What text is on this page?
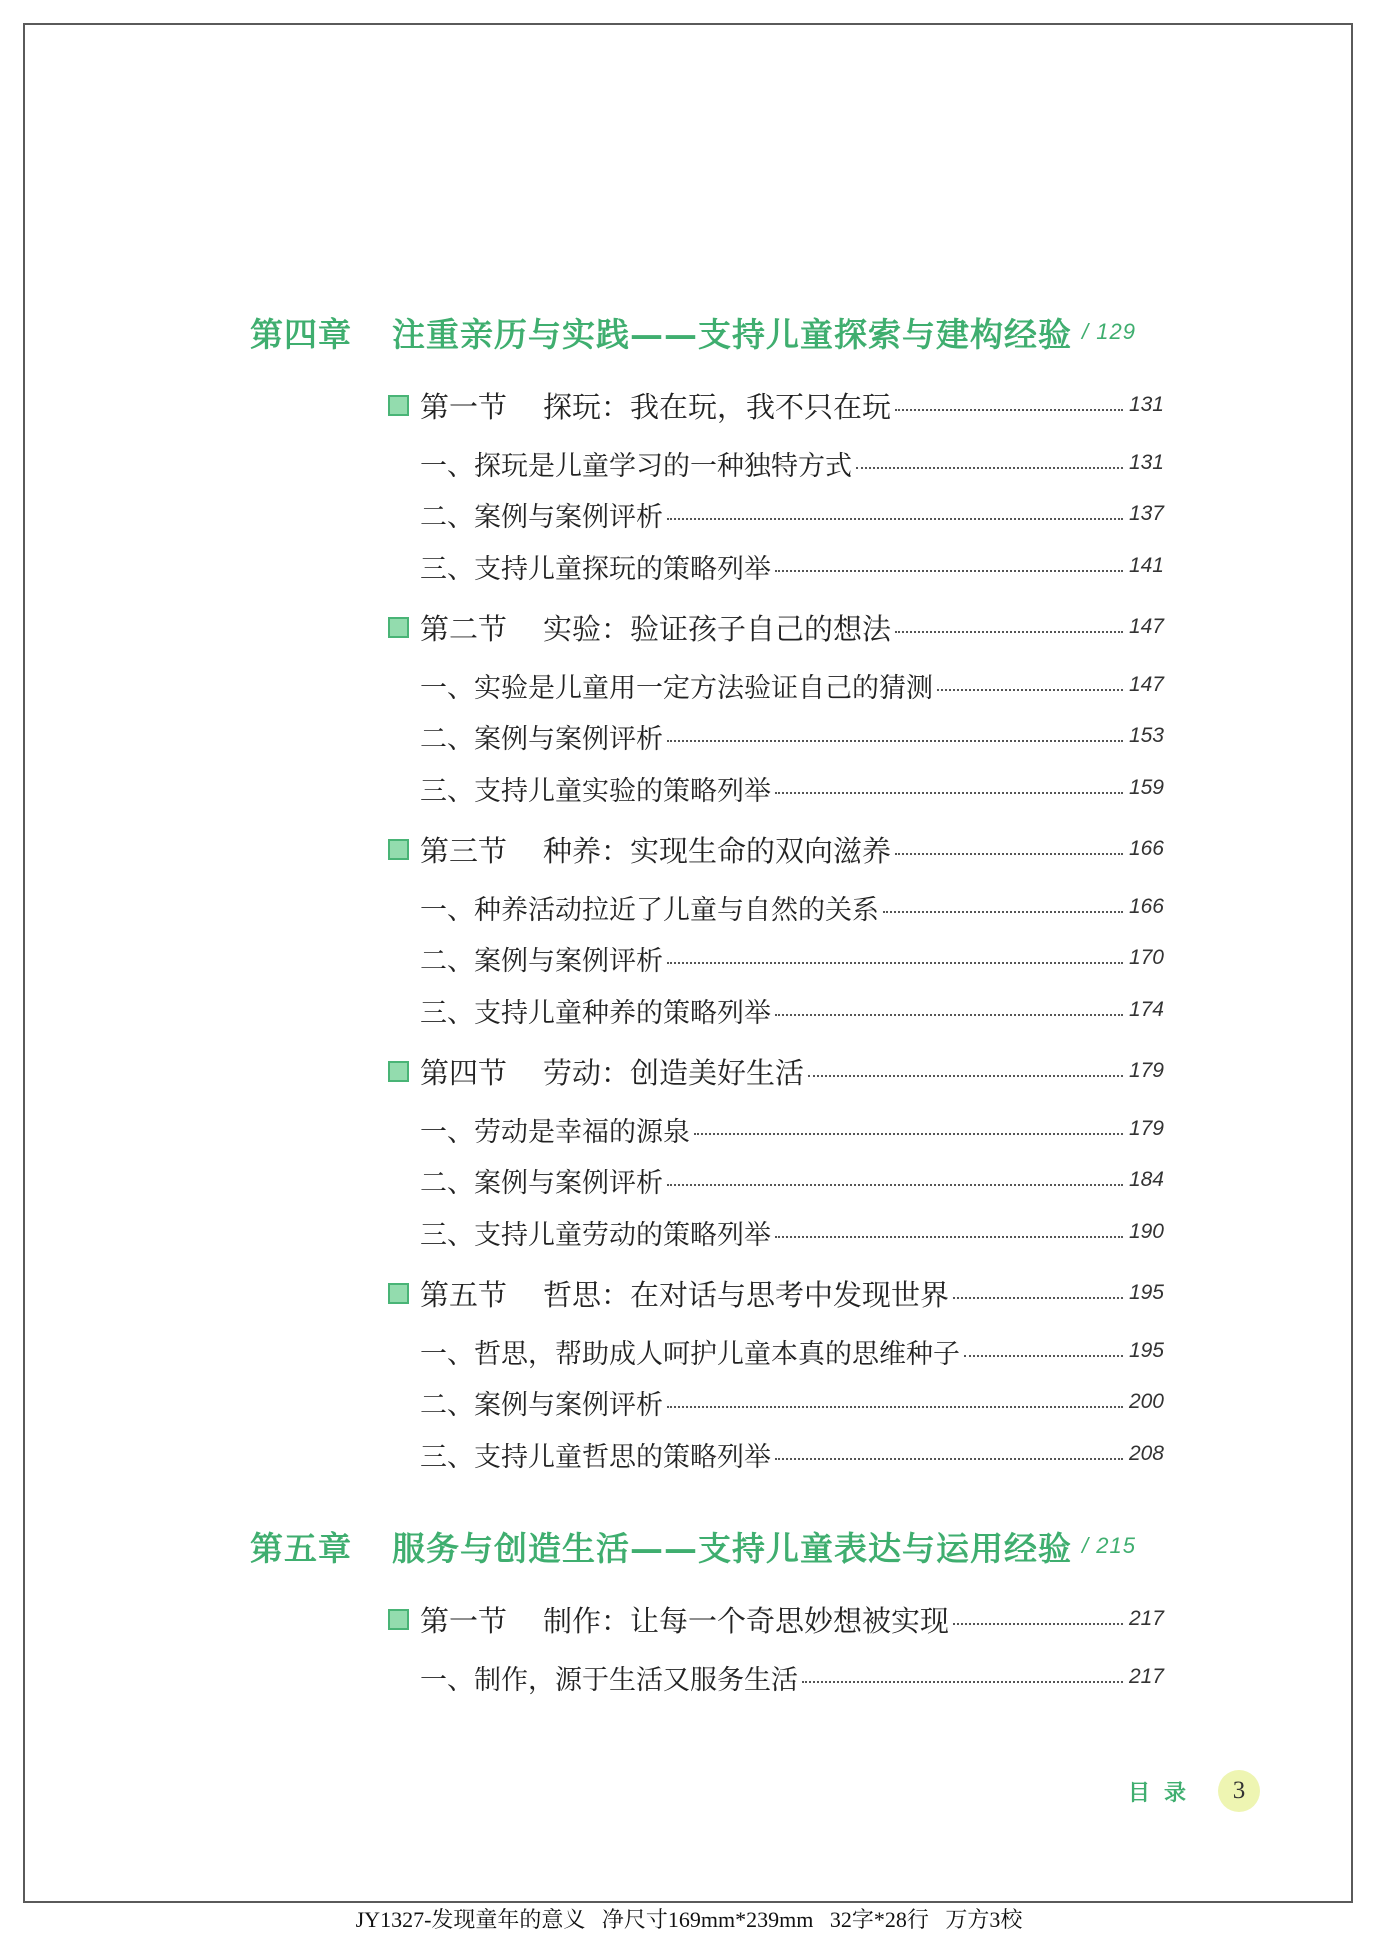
第四章	注重亲历与实践——支持儿童探索与建构经验 / 129
第一节 探玩：我在玩，我不只在玩	131
一、探玩是儿童学习的一种独特方式	131
二、案例与案例评析	137
三、支持儿童探玩的策略列举	141
第二节 实验：验证孩子自己的想法	147
一、实验是儿童用一定方法验证自己的猜测	147
二、案例与案例评析	153
三、支持儿童实验的策略列举	159
第三节 种养：实现生命的双向滋养	166
一、种养活动拉近了儿童与自然的关系	166
二、案例与案例评析	170
三、支持儿童种养的策略列举	174
第四节 劳动：创造美好生活	179
一、劳动是幸福的源泉	179
二、案例与案例评析	184
三、支持儿童劳动的策略列举	190
第五节 哲思：在对话与思考中发现世界	195
一、哲思，帮助成人呵护儿童本真的思维种子	195
二、案例与案例评析	200
三、支持儿童哲思的策略列举	208
第五章	服务与创造生活——支持儿童表达与运用经验 / 215
第一节 制作：让每一个奇思妙想被实现	217
一、制作，源于生活又服务生活	217
目录	3
JY1327-发现童年的意义   净尺寸169mm*239mm   32字*28行   万方3校
